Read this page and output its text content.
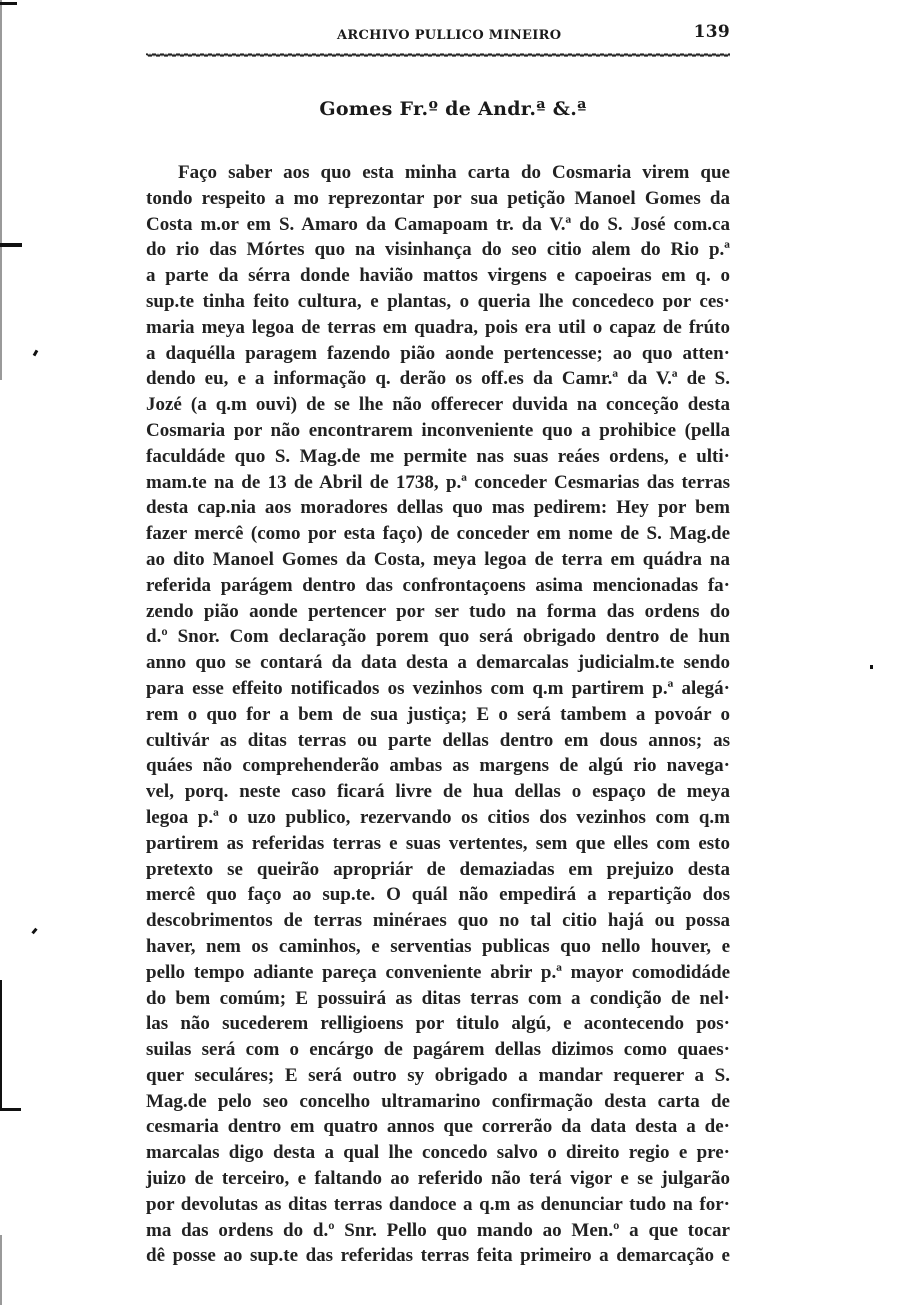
ARCHIVO PULLICO MINEIRO	139
Gomes Fr.º de Andr.ª &.ª
Faço saber aos quo esta minha carta do Cosmaria virem que
tondo respeito a mo reprezontar por sua petição Manoel Gomes da
Costa m.or em S. Amaro da Camapoam tr. da V.ª do S. José com.ca
do rio das Mórtes quo na visinhança do seo citio alem do Rio p.ª
a parte da sérra donde havião mattos virgens e capoeiras em q. o
sup.te tinha feito cultura, e plantas, o queria lhe concedeco por ces·
maria meya legoa de terras em quadra, pois era util o capaz de frúto
a daquélla paragem fazendo pião aonde pertencesse; ao quo atten·
dendo eu, e a informação q. derão os off.es da Camr.ª da V.ª de S.
Jozé (a q.m ouvi) de se lhe não offerecer duvida na conceção desta
Cosmaria por não encontrarem inconveniente quo a prohibice (pella
faculdáde quo S. Mag.de me permite nas suas reáes ordens, e ulti·
mam.te na de 13 de Abril de 1738, p.ª conceder Cesmarias das terras
desta cap.nia aos moradores dellas quo mas pedirem: Hey por bem
fazer mercê (como por esta faço) de conceder em nome de S. Mag.de
ao dito Manoel Gomes da Costa, meya legoa de terra em quádra na
referida parágem dentro das confrontaçoens asima mencionadas fa·
zendo pião aonde pertencer por ser tudo na forma das ordens do
d.º Snor. Com declaração porem quo será obrigado dentro de hun
anno quo se contará da data desta a demarcalas judicialm.te sendo
para esse effeito notificados os vezinhos com q.m partirem p.ª alegá·
rem o quo for a bem de sua justiça; E o será tambem a povoár o
cultivár as ditas terras ou parte dellas dentro em dous annos; as
quáes não comprehenderão ambas as margens de algú rio navega·
vel, porq. neste caso ficará livre de hua dellas o espaço de meya
legoa p.ª o uzo publico, rezervando os citios dos vezinhos com q.m
partirem as referidas terras e suas vertentes, sem que elles com esto
pretexto se queirão apropriár de demaziadas em prejuizo desta
mercê quo faço ao sup.te. O quál não empedirá a repartição dos
descobrimentos de terras minéraes quo no tal citio hajá ou possa
haver, nem os caminhos, e serventias publicas quo nello houver, e
pello tempo adiante pareça conveniente abrir p.ª mayor comodidáde
do bem comúm; E possuirá as ditas terras com a condição de nel·
las não sucederem relligioens por titulo algú, e acontecendo pos·
suilas será com o encárgo de pagárem dellas dizimos como quaes·
quer seculáres; E será outro sy obrigado a mandar requerer a S.
Mag.de pelo seo concelho ultramarino confirmação desta carta de
cesmaria dentro em quatro annos que correrão da data desta a de·
marcalas digo desta a qual lhe concedo salvo o direito regio e pre·
juizo de terceiro, e faltando ao referido não terá vigor e se julgarão
por devolutas as ditas terras dandoce a q.m as denunciar tudo na for·
ma das ordens do d.º Snr. Pello quo mando ao Men.º a que tocar
dê posse ao sup.te das referidas terras feita primeiro a demarcação e
